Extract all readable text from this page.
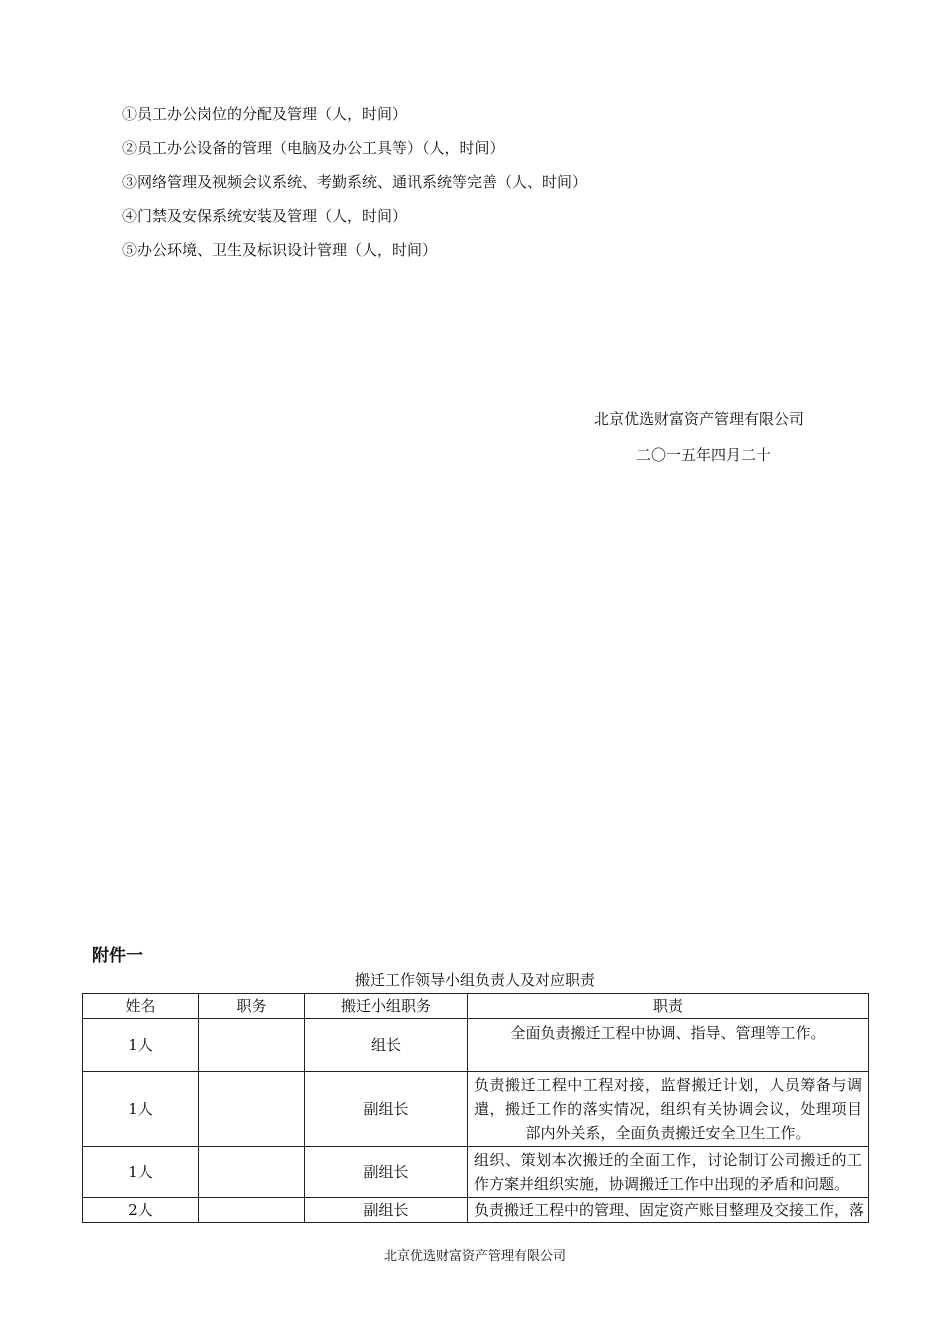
①员工办公岗位的分配及管理（人，时间）
②员工办公设备的管理（电脑及办公工具等）（人，时间）
③网络管理及视频会议系统、考勤系统、通讯系统等完善（人、时间）
④门禁及安保系统安装及管理（人，时间）
⑤办公环境、卫生及标识设计管理（人，时间）
北京优选财富资产管理有限公司
二〇一五年四月二十
附件一
搬迁工作领导小组负责人及对应职责
姓名	职务	搬迁小组职务	职责
1人		组长	全面负责搬迁工程中协调、指导、管理等工作。
1人		副组长	负责搬迁工程中工程对接，监督搬迁计划，人员筹备与调遣，搬迁工作的落实情况，组织有关协调会议，处理项目部内外关系，全面负责搬迁安全卫生工作。
1人		副组长	组织、策划本次搬迁的全面工作，讨论制订公司搬迁的工作方案并组织实施，协调搬迁工作中出现的矛盾和问题。
2人		副组长	负责搬迁工程中的管理、固定资产账目整理及交接工作，落
北京优选财富资产管理有限公司
